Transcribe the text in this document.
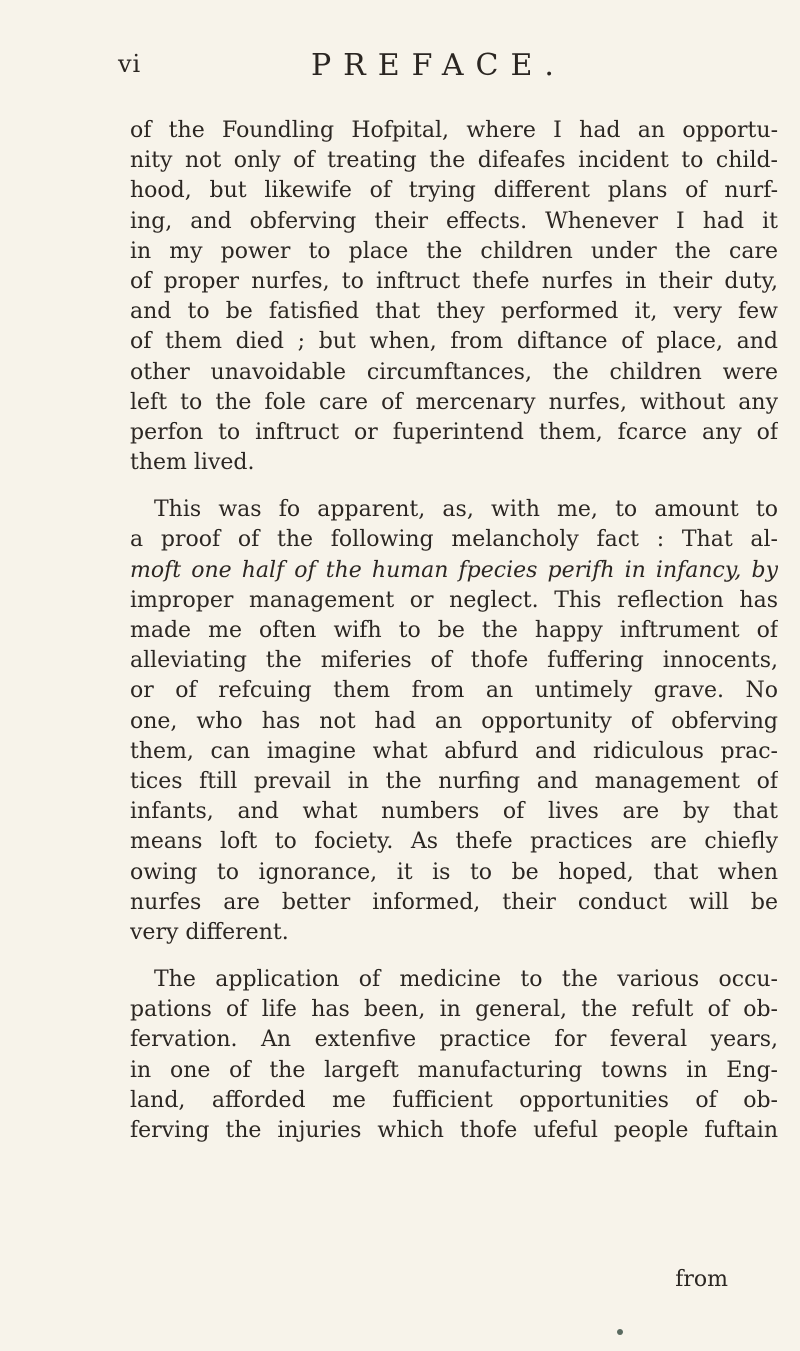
vi	PREFACE.
of the Foundling Hofpital, where I had an opportu-
nity not only of treating the difeafes incident to child-
hood, but likewife of trying different plans of nurf-
ing, and obferving their effects. Whenever I had it
in my power to place the children under the care
of proper nurfes, to inftruct thefe nurfes in their duty,
and to be fatisfied that they performed it, very few
of them died ; but when, from diftance of place, and
other unavoidable circumftances, the children were
left to the fole care of mercenary nurfes, without any
perfon to inftruct or fuperintend them, fcarce any of
them lived.
This was fo apparent, as, with me, to amount to
a proof of the following melancholy fact : That al-
moft one half of the human fpecies perifh in infancy, by
improper management or neglect. This reflection has
made me often wifh to be the happy inftrument of
alleviating the miferies of thofe fuffering innocents,
or of refcuing them from an untimely grave. No
one, who has not had an opportunity of obferving
them, can imagine what abfurd and ridiculous prac-
tices ftill prevail in the nurfing and management of
infants, and what numbers of lives are by that
means loft to fociety. As thefe practices are chiefly
owing to ignorance, it is to be hoped, that when
nurfes are better informed, their conduct will be
very different.
The application of medicine to the various occu-
pations of life has been, in general, the refult of ob-
fervation. An extenfive practice for feveral years,
in one of the largeft manufacturing towns in Eng-
land, afforded me fufficient opportunities of ob-
ferving the injuries which thofe ufeful people fuftain
from
